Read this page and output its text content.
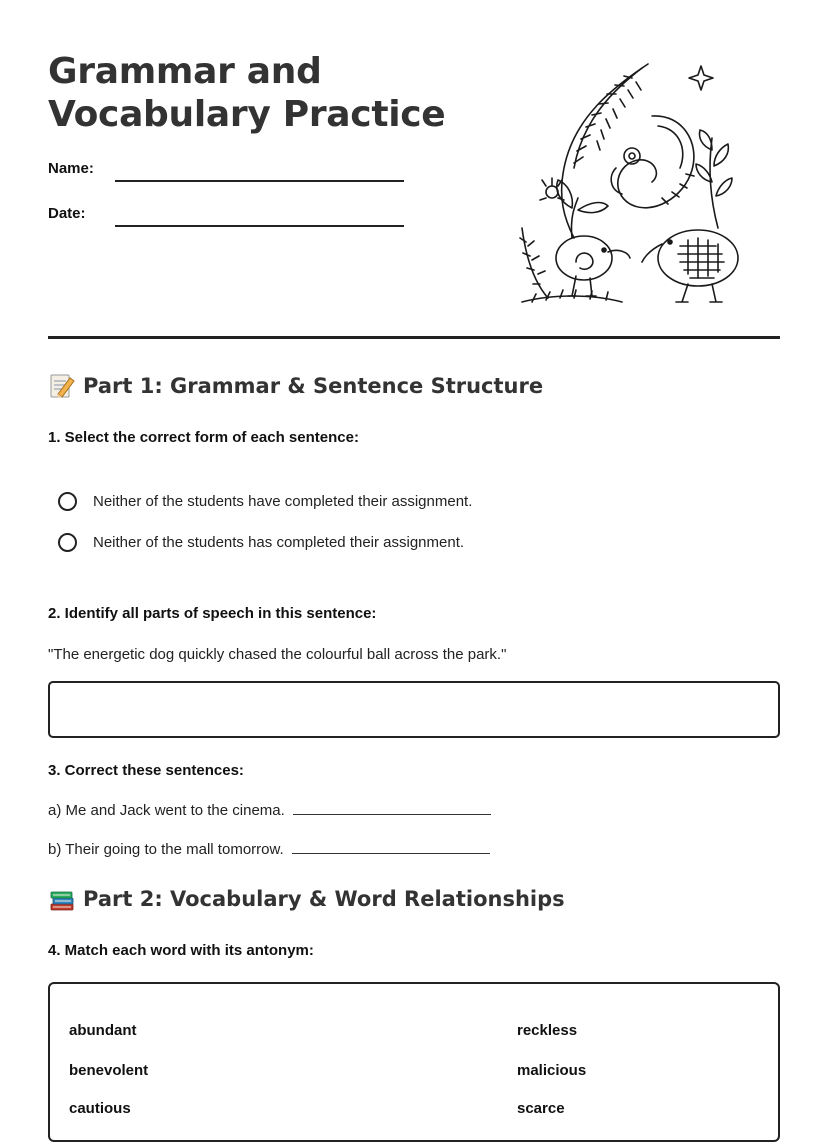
Grammar and Vocabulary Practice
Name:
Date:
Part 1: Grammar & Sentence Structure
1. Select the correct form of each sentence:
Neither of the students have completed their assignment.
Neither of the students has completed their assignment.
2. Identify all parts of speech in this sentence:
"The energetic dog quickly chased the colourful ball across the park."
3. Correct these sentences:
a) Me and Jack went to the cinema.
b) Their going to the mall tomorrow.
Part 2: Vocabulary & Word Relationships
4. Match each word with its antonym:
abundant
benevolent
cautious
reckless
malicious
scarce
